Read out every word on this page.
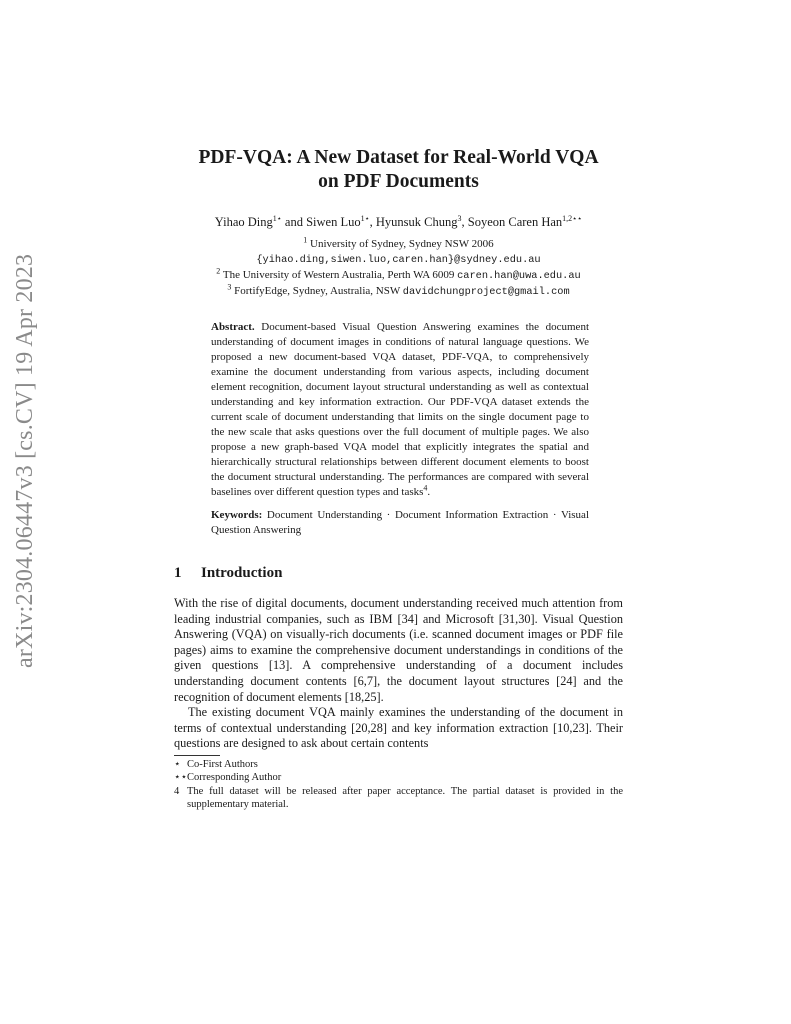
arXiv:2304.06447v3 [cs.CV] 19 Apr 2023
PDF-VQA: A New Dataset for Real-World VQA
on PDF Documents
Yihao Ding$^{1⋆}$ and Siwen Luo$^{1⋆}$, Hyunsuk Chung$^3$, Soyeon Caren Han$^{1,2⋆⋆}$
$^1$ University of Sydney, Sydney NSW 2006
{yihao.ding,siwen.luo,caren.han}@sydney.edu.au
$^2$ The University of Western Australia, Perth WA 6009 caren.han@uwa.edu.au
$^3$ FortifyEdge, Sydney, Australia, NSW davidchungproject@gmail.com
Abstract. Document-based Visual Question Answering examines the document understanding of document images in conditions of natural language questions. We proposed a new document-based VQA dataset, PDF-VQA, to comprehensively examine the document understanding from various aspects, including document element recognition, document layout structural understanding as well as contextual understanding and key information extraction. Our PDF-VQA dataset extends the current scale of document understanding that limits on the single document page to the new scale that asks questions over the full document of multiple pages. We also propose a new graph-based VQA model that explicitly integrates the spatial and hierarchically structural relationships between different document elements to boost the document structural understanding. The performances are compared with several baselines over different question types and tasks$^4$.
Keywords: Document Understanding · Document Information Extraction · Visual Question Answering
1 Introduction

With the rise of digital documents, document understanding received much attention from leading industrial companies, such as IBM [34] and Microsoft [31,30]. Visual Question Answering (VQA) on visually-rich documents (i.e. scanned document images or PDF file pages) aims to examine the comprehensive document understandings in conditions of the given questions [13]. A comprehensive understanding of a document includes understanding document contents [6,7], the document layout structures [24] and the recognition of document elements [18,25].

The existing document VQA mainly examines the understanding of the document in terms of contextual understanding [20,28] and key information extraction [10,23]. Their questions are designed to ask about certain contents

⋆ Co-First Authors
⋆⋆ Corresponding Author
4 The full dataset will be released after paper acceptance. The partial dataset is provided in the supplementary material.
